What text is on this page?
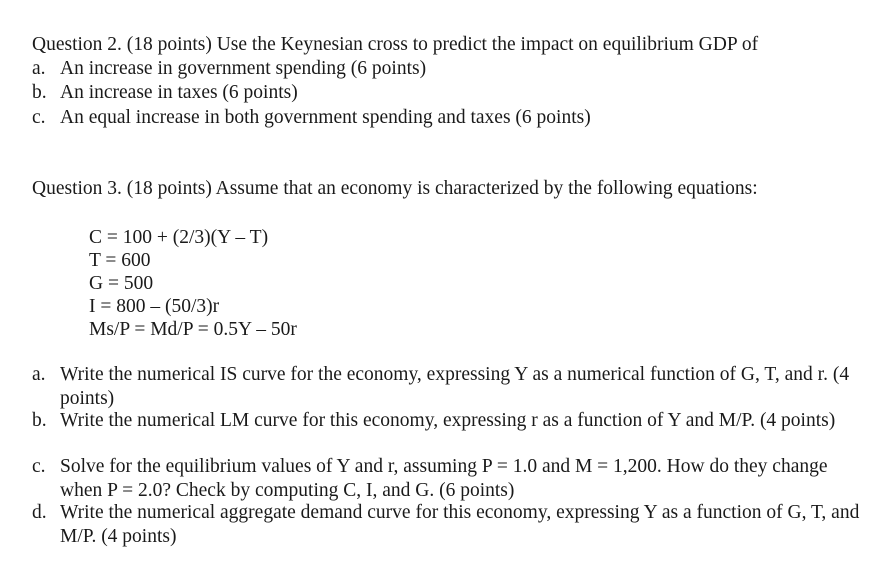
Question 2. (18 points) Use the Keynesian cross to predict the impact on equilibrium GDP of
a. An increase in government spending (6 points)
b. An increase in taxes (6 points)
c. An equal increase in both government spending and taxes (6 points)
Question 3. (18 points) Assume that an economy is characterized by the following equations:
C = 100 + (2/3)(Y – T)
T = 600
G = 500
I = 800 – (50/3)r
Ms/P = Md/P = 0.5Y – 50r
a. Write the numerical IS curve for the economy, expressing Y as a numerical function of G, T, and r. (4 points)
b. Write the numerical LM curve for this economy, expressing r as a function of Y and M/P. (4 points)
c. Solve for the equilibrium values of Y and r, assuming P = 1.0 and M = 1,200. How do they change when P = 2.0? Check by computing C, I, and G. (6 points)
d. Write the numerical aggregate demand curve for this economy, expressing Y as a function of G, T, and M/P. (4 points)
